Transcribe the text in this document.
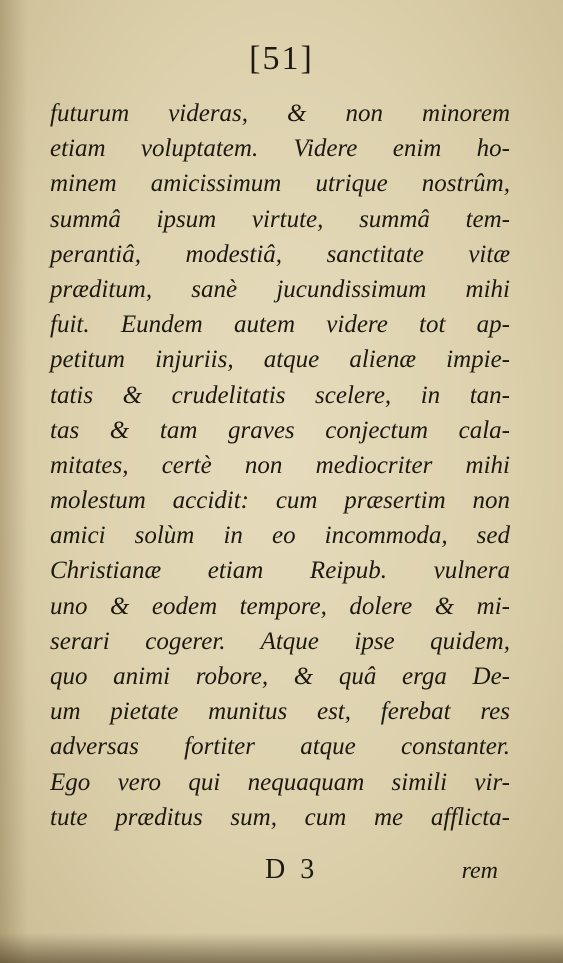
[51]
futurum videras, & non minorem
etiam voluptatem. Videre enim ho-
minem amicissimum utrique nostrûm,
summâ ipsum virtute, summâ tem-
perantiâ, modestiâ, sanctitate vitæ
præditum, sanè jucundissimum mihi
fuit. Eundem autem videre tot ap-
petitum injuriis, atque alienæ impie-
tatis & crudelitatis scelere, in tan-
tas & tam graves conjectum cala-
mitates, certè non mediocriter mihi
molestum accidit: cum præsertim non
amici solùm in eo incommoda, sed
Christianæ etiam Reipub. vulnera
uno & eodem tempore, dolere & mi-
serari cogerer. Atque ipse quidem,
quo animi robore, & quâ erga De-
um pietate munitus est, ferebat res
adversas fortiter atque constanter.
Ego vero qui nequaquam simili vir-
tute præditus sum, cum me afflicta-
D 3	rem
